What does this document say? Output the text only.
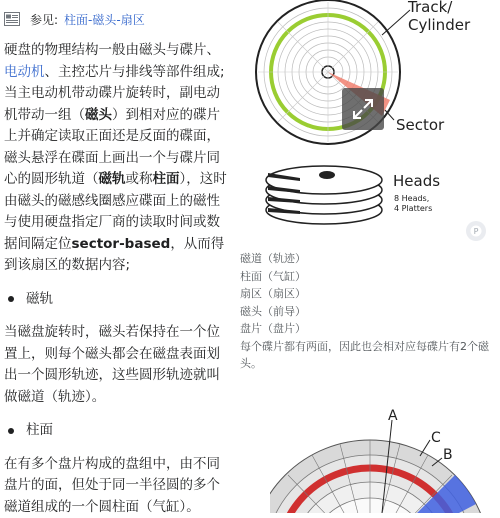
参见: 柱面-磁头-扇区

硬盘的物理结构一般由磁头与碟片、电动机、主控芯片与排线等部件组成;当主电动机带动碟片旋转时，副电动机带动一组（磁头）到相对应的碟片上并确定读取正面还是反面的碟面，磁头悬浮在碟面上画出一个与碟片同心的圆形轨道（磁轨或称柱面），这时由磁头的磁感线圈感应碟面上的磁性与使用硬盘指定厂商的读取时间或数据间隔定位sector-based，从而得到该扇区的数据内容;

磁轨

当磁盘旋转时，磁头若保持在一个位置上，则每个磁头都会在磁盘表面划出一个圆形轨迹，这些圆形轨迹就叫做磁道（轨迹）。

柱面

在有多个盘片构成的盘组中，由不同盘片的面，但处于同一半径圆的多个磁道组成的一个圆柱面（气缸）。

Track/
Cylinder
Sector
Heads
8 Heads,
4 Platters
P
磁道（轨迹）
柱面（气缸）
扇区（扇区）
磁头（前导）
盘片（盘片）
每个碟片都有两面，因此也会相对应每碟片有2个磁头。
A
C
B
